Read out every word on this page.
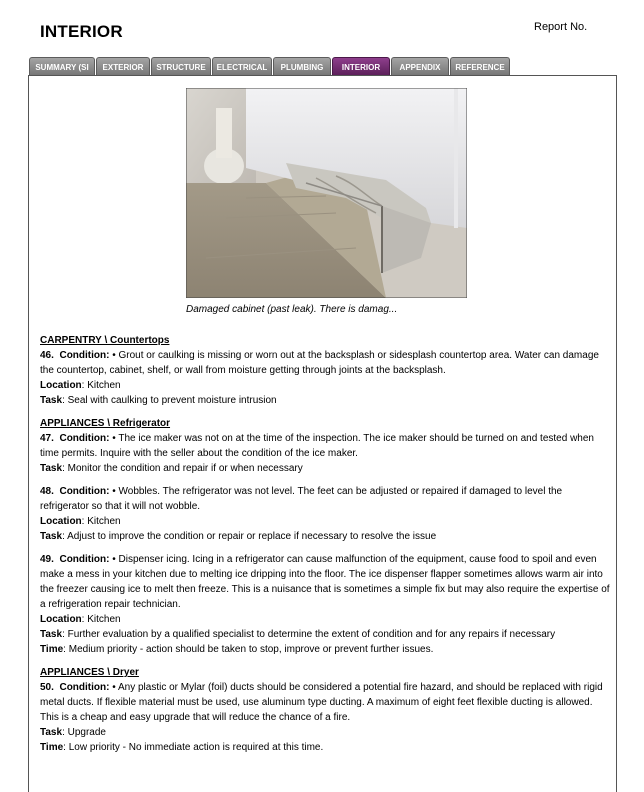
INTERIOR	Report No.
SUMMARY (SI	EXTERIOR	STRUCTURE	ELECTRICAL	PLUMBING	INTERIOR	APPENDIX	REFERENCE
Damaged cabinet (past leak). There is damag...
CARPENTRY \ Countertops

46. Condition: • Grout or caulking is missing or worn out at the backsplash or sidesplash countertop area. Water can damage the countertop, cabinet, shelf, or wall from moisture getting through joints at the backsplash.

Location: Kitchen

Task: Seal with caulking to prevent moisture intrusion

APPLIANCES \ Refrigerator

47. Condition: • The ice maker was not on at the time of the inspection. The ice maker should be turned on and tested when time permits. Inquire with the seller about the condition of the ice maker.

Task: Monitor the condition and repair if or when necessary

48. Condition: • Wobbles. The refrigerator was not level. The feet can be adjusted or repaired if damaged to level the refrigerator so that it will not wobble.

Location: Kitchen

Task: Adjust to improve the condition or repair or replace if necessary to resolve the issue

49. Condition: • Dispenser icing. Icing in a refrigerator can cause malfunction of the equipment, cause food to spoil and even make a mess in your kitchen due to melting ice dripping into the floor. The ice dispenser flapper sometimes allows warm air into the freezer causing ice to melt then freeze. This is a nuisance that is sometimes a simple fix but may also require the expertise of a refrigeration repair technician.

Location: Kitchen

Task: Further evaluation by a qualified specialist to determine the extent of condition and for any repairs if necessary

Time: Medium priority - action should be taken to stop, improve or prevent further issues.

APPLIANCES \ Dryer

50. Condition: • Any plastic or Mylar (foil) ducts should be considered a potential fire hazard, and should be replaced with rigid metal ducts. If flexible material must be used, use aluminum type ducting. A maximum of eight feet flexible ducting is allowed. This is a cheap and easy upgrade that will reduce the chance of a fire.

Task: Upgrade

Time: Low priority - No immediate action is required at this time.
